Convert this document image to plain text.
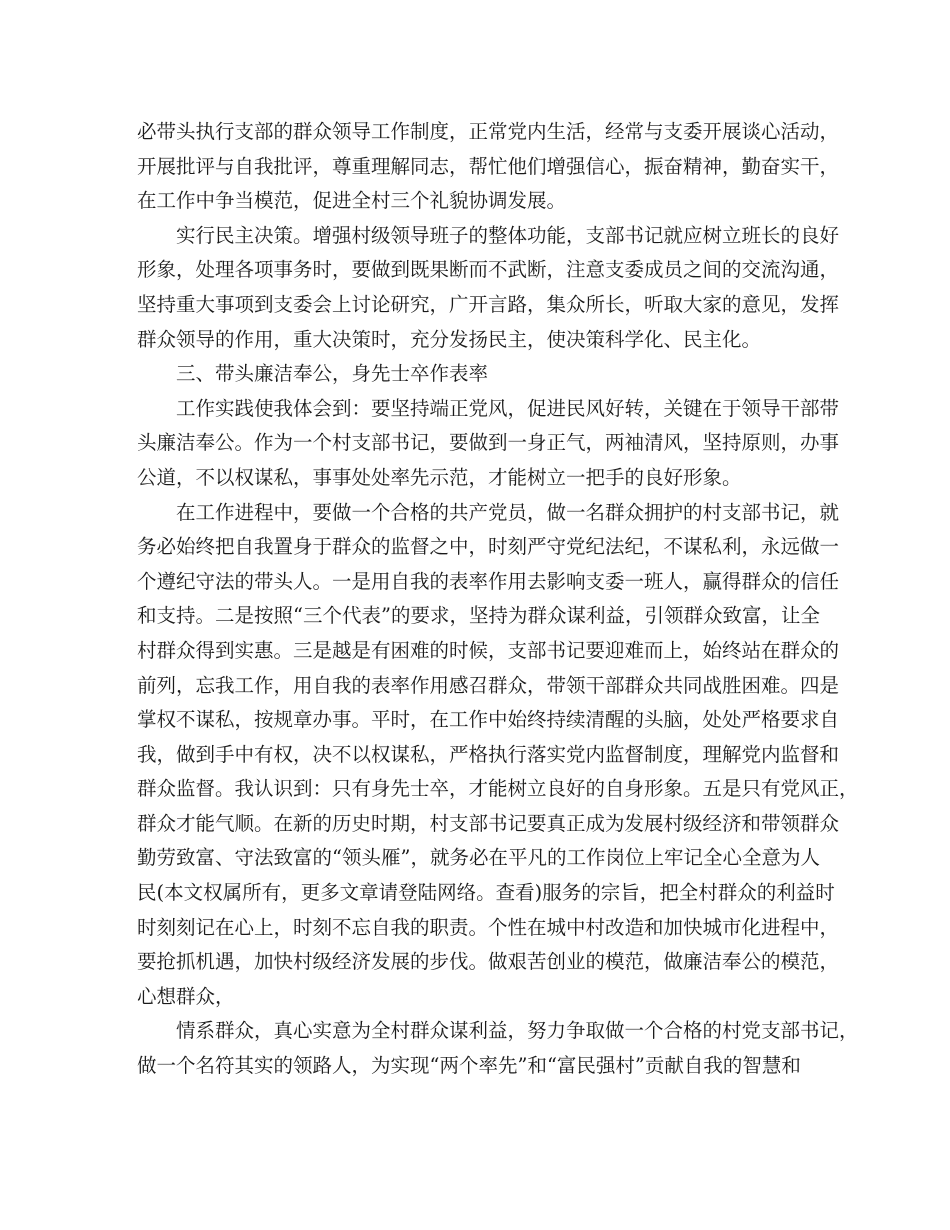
必带头执行支部的群众领导工作制度，正常党内生活，经常与支委开展谈心活动，
开展批评与自我批评，尊重理解同志，帮忙他们增强信心，振奋精神，勤奋实干，
在工作中争当模范，促进全村三个礼貌协调发展。
实行民主决策。增强村级领导班子的整体功能，支部书记就应树立班长的良好
形象，处理各项事务时，要做到既果断而不武断，注意支委成员之间的交流沟通，
坚持重大事项到支委会上讨论研究，广开言路，集众所长，听取大家的意见，发挥
群众领导的作用，重大决策时，充分发扬民主，使决策科学化、民主化。
三、带头廉洁奉公，身先士卒作表率
工作实践使我体会到：要坚持端正党风，促进民风好转，关键在于领导干部带
头廉洁奉公。作为一个村支部书记，要做到一身正气，两袖清风，坚持原则，办事
公道，不以权谋私，事事处处率先示范，才能树立一把手的良好形象。
在工作进程中，要做一个合格的共产党员，做一名群众拥护的村支部书记，就
务必始终把自我置身于群众的监督之中，时刻严守党纪法纪，不谋私利，永远做一
个遵纪守法的带头人。一是用自我的表率作用去影响支委一班人，赢得群众的信任
和支持。二是按照“三个代表”的要求，坚持为群众谋利益，引领群众致富，让全
村群众得到实惠。三是越是有困难的时候，支部书记要迎难而上，始终站在群众的
前列，忘我工作，用自我的表率作用感召群众，带领干部群众共同战胜困难。四是
掌权不谋私，按规章办事。平时，在工作中始终持续清醒的头脑，处处严格要求自
我，做到手中有权，决不以权谋私，严格执行落实党内监督制度，理解党内监督和
群众监督。我认识到：只有身先士卒，才能树立良好的自身形象。五是只有党风正，
群众才能气顺。在新的历史时期，村支部书记要真正成为发展村级经济和带领群众
勤劳致富、守法致富的“领头雁”，就务必在平凡的工作岗位上牢记全心全意为人
民(本文权属所有，更多文章请登陆网络。查看)服务的宗旨，把全村群众的利益时
时刻刻记在心上，时刻不忘自我的职责。个性在城中村改造和加快城市化进程中，
要抢抓机遇，加快村级经济发展的步伐。做艰苦创业的模范，做廉洁奉公的模范，
心想群众，
情系群众，真心实意为全村群众谋利益，努力争取做一个合格的村党支部书记，
做一个名符其实的领路人，为实现“两个率先”和“富民强村”贡献自我的智慧和
